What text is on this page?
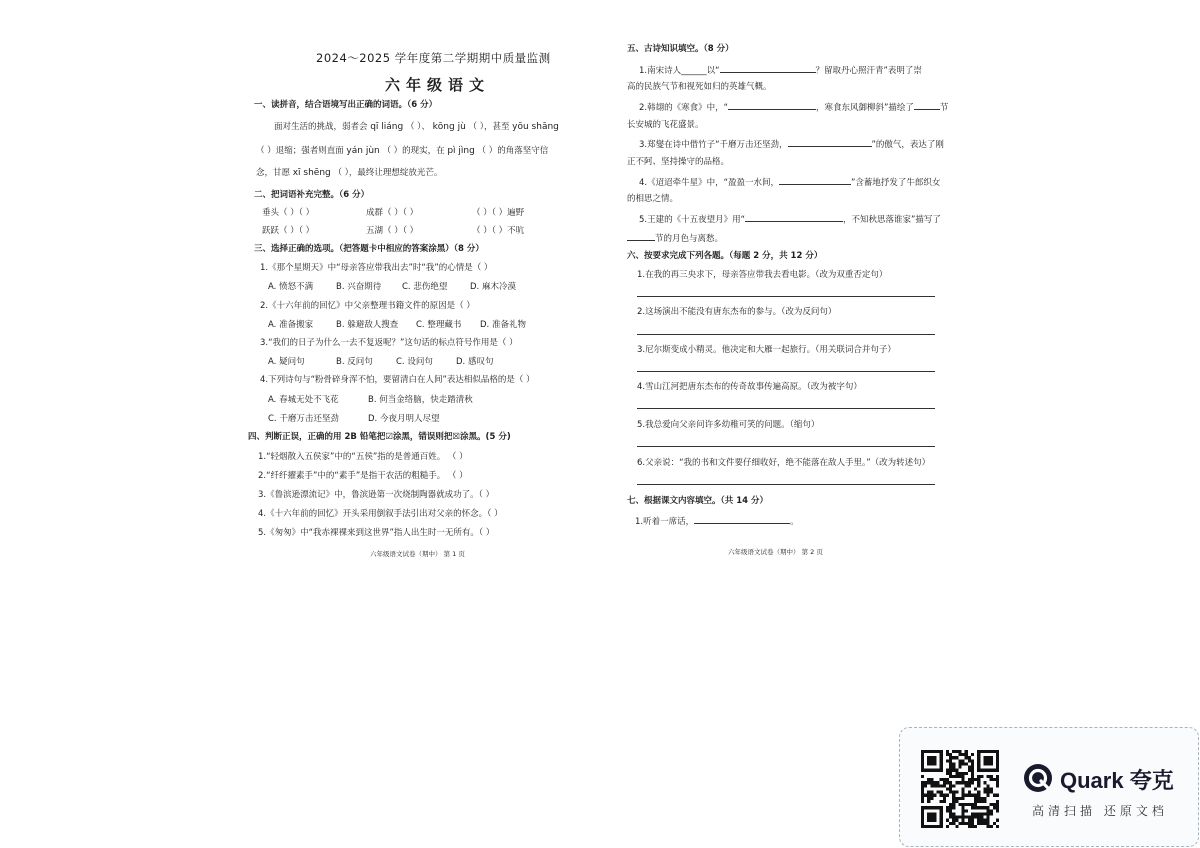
2024～2025 学年度第二学期期中质量监测
六年级语文
一、读拼音，结合语境写出正确的词语。（6 分）
面对生活的挑战，弱者会 qī liáng （ ）、 kōng jù （ ），甚至 yōu shāng
（ ）退缩；强者则直面 yán jùn （ ）的现实，在 pì jìng （ ）的角落坚守信
念，甘愿 xī shēng （ ），最终让理想绽放光芒。
二、把词语补充完整。（6 分）
垂头（ ）（ ）	成群（ ）（ ）	（ ）（ ）遍野
跃跃（ ）（ ）	五湖（ ）（ ）	（ ）（ ）不吭
三、选择正确的选项。（把答题卡中相应的答案涂黑）（8 分）
1.《那个星期天》中“母亲答应带我出去”时“我”的心情是（ ）
A. 愤怒不满	B. 兴奋期待 C. 悲伤绝望	D. 麻木冷漠
2.《十六年前的回忆》中父亲整理书籍文件的原因是（ ）
A. 准备搬家	B. 躲避敌人搜查 C. 整理藏书 D. 准备礼物
3.“我们的日子为什么一去不复返呢？”这句话的标点符号作用是（ ）
A. 疑问句	B. 反问句	C. 设问句	D. 感叹句
4.下列诗句与“粉骨碎身浑不怕，要留清白在人间”表达相似品格的是（ ）
A. 春城无处不飞花	B. 何当金络脑，快走踏清秋
C. 千磨万击还坚劲	D. 今夜月明人尽望
四、判断正误，正确的用 2B 铅笔把☑涂黑，错误则把☒涂黑。(5 分)
1.“轻烟散入五侯家”中的“五侯”指的是普通百姓。 （ ）
2.“纤纤擢素手”中的“素手”是指干农活的粗糙手。 （ ）
3.《鲁滨逊漂流记》中，鲁滨逊第一次烧制陶器就成功了。（ ）
4.《十六年前的回忆》开头采用倒叙手法引出对父亲的怀念。（ ）
5.《匆匆》中“我赤裸裸来到这世界”指人出生时一无所有。（ ）
六年级语文试卷（期中） 第 1 页
五、古诗知识填空。（8 分）
1.南宋诗人______以“	？留取丹心照汗青”表明了崇
高的民族气节和视死如归的英雄气概。
2.韩翃的《寒食》中，“	，寒食东风御柳斜”描绘了	节
长安城的飞花盛景。
3.郑燮在诗中借竹子“千磨万击还坚劲，	”的傲气，表达了刚
正不阿、坚持操守的品格。
4.《迢迢牵牛星》中，“盈盈一水间，	”含蓄地抒发了牛郎织女
的相思之情。
5.王建的《十五夜望月》用“	，不知秋思落谁家”描写了
节的月色与离愁。
六、按要求完成下列各题。（每题 2 分，共 12 分）
1.在我的再三央求下，母亲答应带我去看电影。（改为双重否定句）
2.这场演出不能没有唐东杰布的参与。（改为反问句）
3.尼尔斯变成小精灵。他决定和大雁一起旅行。（用关联词合并句子）
4.雪山江河把唐东杰布的传奇故事传遍高原。（改为被字句）
5.我总爱向父亲问许多幼稚可笑的问题。（缩句）
6.父亲说：“我的书和文件要仔细收好，绝不能落在敌人手里。”（改为转述句）
七、根据课文内容填空。（共 14 分）
1.听着一席话，	。
六年级语文试卷（期中） 第 2 页
Quark 夸克
高清扫描 还原文档
